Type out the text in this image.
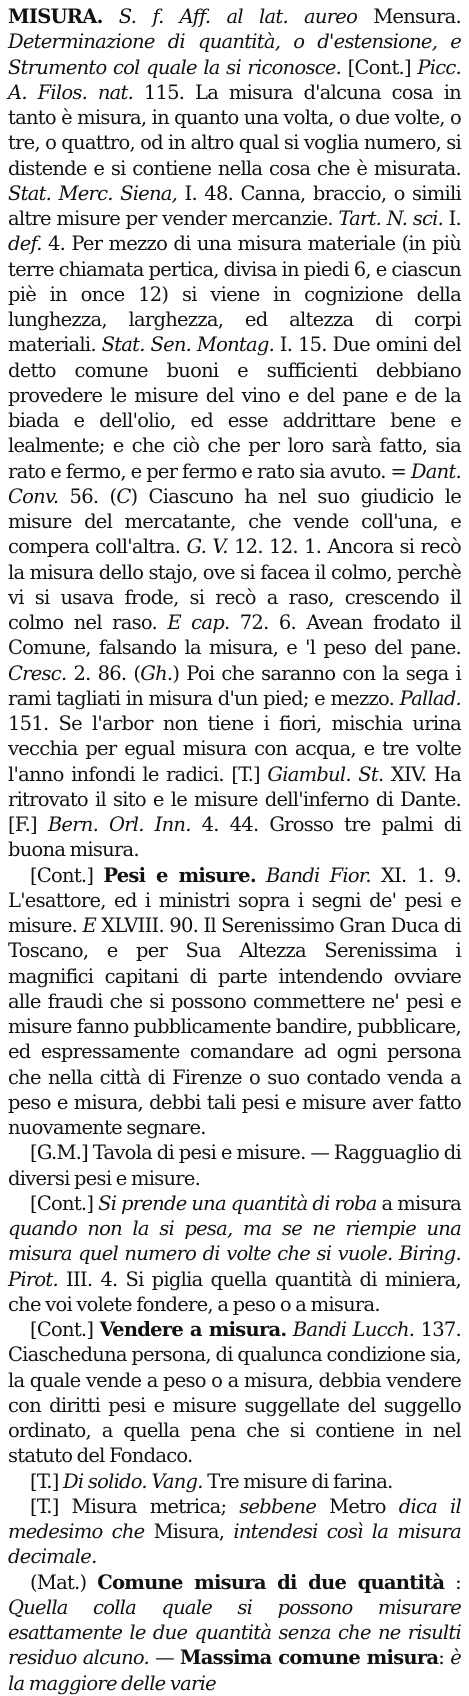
MISURA. S. f. Aff. al lat. aureo Mensura. Determinazione di quantità, o d'estensione, e Strumento col quale la si riconosce. [Cont.] Picc. A. Filos. nat. 115. La misura d'alcuna cosa in tanto è misura, in quanto una volta, o due volte, o tre, o quattro, od in altro qual si voglia numero, si distende e si contiene nella cosa che è misurata. Stat. Merc. Siena, I. 48. Canna, braccio, o simili altre misure per vender mercanzie. Tart. N. sci. I. def. 4. Per mezzo di una misura materiale (in più terre chiamata pertica, divisa in piedi 6, e ciascun piè in once 12) si viene in cognizione della lunghezza, larghezza, ed altezza di corpi materiali. Stat. Sen. Montag. I. 15. Due omini del detto comune buoni e sufficienti debbiano provedere le misure del vino e del pane e de la biada e dell'olio, ed esse addrittare bene e lealmente; e che ciò che per loro sarà fatto, sia rato e fermo, e per fermo e rato sia avuto. = Dant. Conv. 56. (C) Ciascuno ha nel suo giudicio le misure del mercatante, che vende coll'una, e compera coll'altra. G. V. 12. 12. 1. Ancora si recò la misura dello stajo, ove si facea il colmo, perchè vi si usava frode, si recò a raso, crescendo il colmo nel raso. E cap. 72. 6. Avean frodato il Comune, falsando la misura, e 'l peso del pane. Cresc. 2. 86. (Gh.) Poi che saranno con la sega i rami tagliati in misura d'un pied; e mezzo. Pallad. 151. Se l'arbor non tiene i fiori, mischia urina vecchia per egual misura con acqua, e tre volte l'anno infondi le radici. [T.] Giambul. St. XIV. Ha ritrovato il sito e le misure dell'inferno di Dante. [F.] Bern. Orl. Inn. 4. 44. Grosso tre palmi di buona misura.

[Cont.] Pesi e misure. Bandi Fior. XI. 1. 9. L'esattore, ed i ministri sopra i segni de' pesi e misure. E XLVIII. 90. Il Serenissimo Gran Duca di Toscano, e per Sua Altezza Serenissima i magnifici capitani di parte intendendo ovviare alle fraudi che si possono commettere ne' pesi e misure fanno pubblicamente bandire, pubblicare, ed espressamente comandare ad ogni persona che nella città di Firenze o suo contado venda a peso e misura, debbi tali pesi e misure aver fatto nuovamente segnare.

[G.M.] Tavola di pesi e misure. — Ragguaglio di diversi pesi e misure.

[Cont.] Si prende una quantità di roba a misura quando non la si pesa, ma se ne riempie una misura quel numero di volte che si vuole. Biring. Pirot. III. 4. Si piglia quella quantità di miniera, che voi volete fondere, a peso o a misura.

[Cont.] Vendere a misura. Bandi Lucch. 137. Ciascheduna persona, di qualunca condizione sia, la quale vende a peso o a misura, debbia vendere con diritti pesi e misure suggellate del suggello ordinato, a quella pena che si contiene in nel statuto del Fondaco.

[T.] Di solido. Vang. Tre misure di farina.

[T.] Misura metrica; sebbene Metro dica il medesimo che Misura, intendesi così la misura decimale.

(Mat.) Comune misura di due quantità : Quella colla quale si possono misurare esattamente le due quantità senza che ne risulti residuo alcuno. — Massima comune misura: è la maggiore delle varie
